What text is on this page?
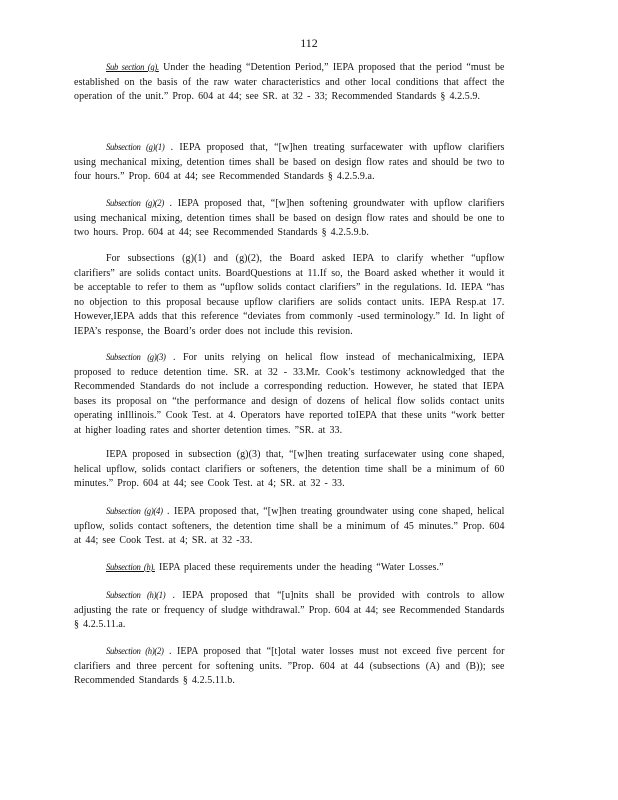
112

Sub section (g). Under the heading “Detention Period,” IEPA proposed that the period “must be established on the basis of the raw water characteristics and other local conditions that affect the operation of the unit.” Prop. 604 at 44; see SR. at 32 - 33; Recommended Standards § 4.2.5.9.

Subsection (g)(1) . IEPA proposed that, “[w]hen treating surfacewater with upflow clarifiers using mechanical mixing, detention times shall be based on design flow rates and should be two to four hours.” Prop. 604 at 44; see Recommended Standards § 4.2.5.9.a.

Subsection (g)(2) . IEPA proposed that, “[w]hen softening groundwater with upflow clarifiers using mechanical mixing, detention times shall be based on design flow rates and should be one to two hours. Prop. 604 at 44; see Recommended Standards § 4.2.5.9.b.

For subsections (g)(1) and (g)(2), the Board asked IEPA to clarify whether “upflow clarifiers” are solids contact units. BoardQuestions at 11.If so, the Board asked whether it would it be acceptable to refer to them as “upflow solids contact clarifiers” in the regulations. Id. IEPA “has no objection to this proposal because upflow clarifiers are solids contact units. IEPA Resp.at 17. However,IEPA adds that this reference “deviates from commonly -used terminology.” Id. In light of IEPA’s response, the Board’s order does not include this revision.

Subsection (g)(3) . For units relying on helical flow instead of mechanicalmixing, IEPA proposed to reduce detention time. SR. at 32 - 33.Mr. Cook’s testimony acknowledged that the Recommended Standards do not include a corresponding reduction. However, he stated that IEPA bases its proposal on “the performance and design of dozens of helical flow solids contact units operating inIllinois.” Cook Test. at 4. Operators have reported toIEPA that these units “work better at higher loading rates and shorter detention times. ”SR. at 33.

IEPA proposed in subsection (g)(3) that, “[w]hen treating surfacewater using cone shaped, helical upflow, solids contact clarifiers or softeners, the detention time shall be a minimum of 60 minutes.” Prop. 604 at 44; see Cook Test. at 4; SR. at 32 - 33.

Subsection (g)(4) . IEPA proposed that, “[w]hen treating groundwater using cone shaped, helical upflow, solids contact softeners, the detention time shall be a minimum of 45 minutes.” Prop. 604 at 44; see Cook Test. at 4; SR. at 32 -33.

Subsection (h). IEPA placed these requirements under the heading “Water Losses.”

Subsection (h)(1) . IEPA proposed that “[u]nits shall be provided with controls to allow adjusting the rate or frequency of sludge withdrawal.” Prop. 604 at 44; see Recommended Standards § 4.2.5.11.a.

Subsection (h)(2) . IEPA proposed that “[t]otal water losses must not exceed five percent for clarifiers and three percent for softening units. ”Prop. 604 at 44 (subsections (A) and (B)); see Recommended Standards § 4.2.5.11.b.
